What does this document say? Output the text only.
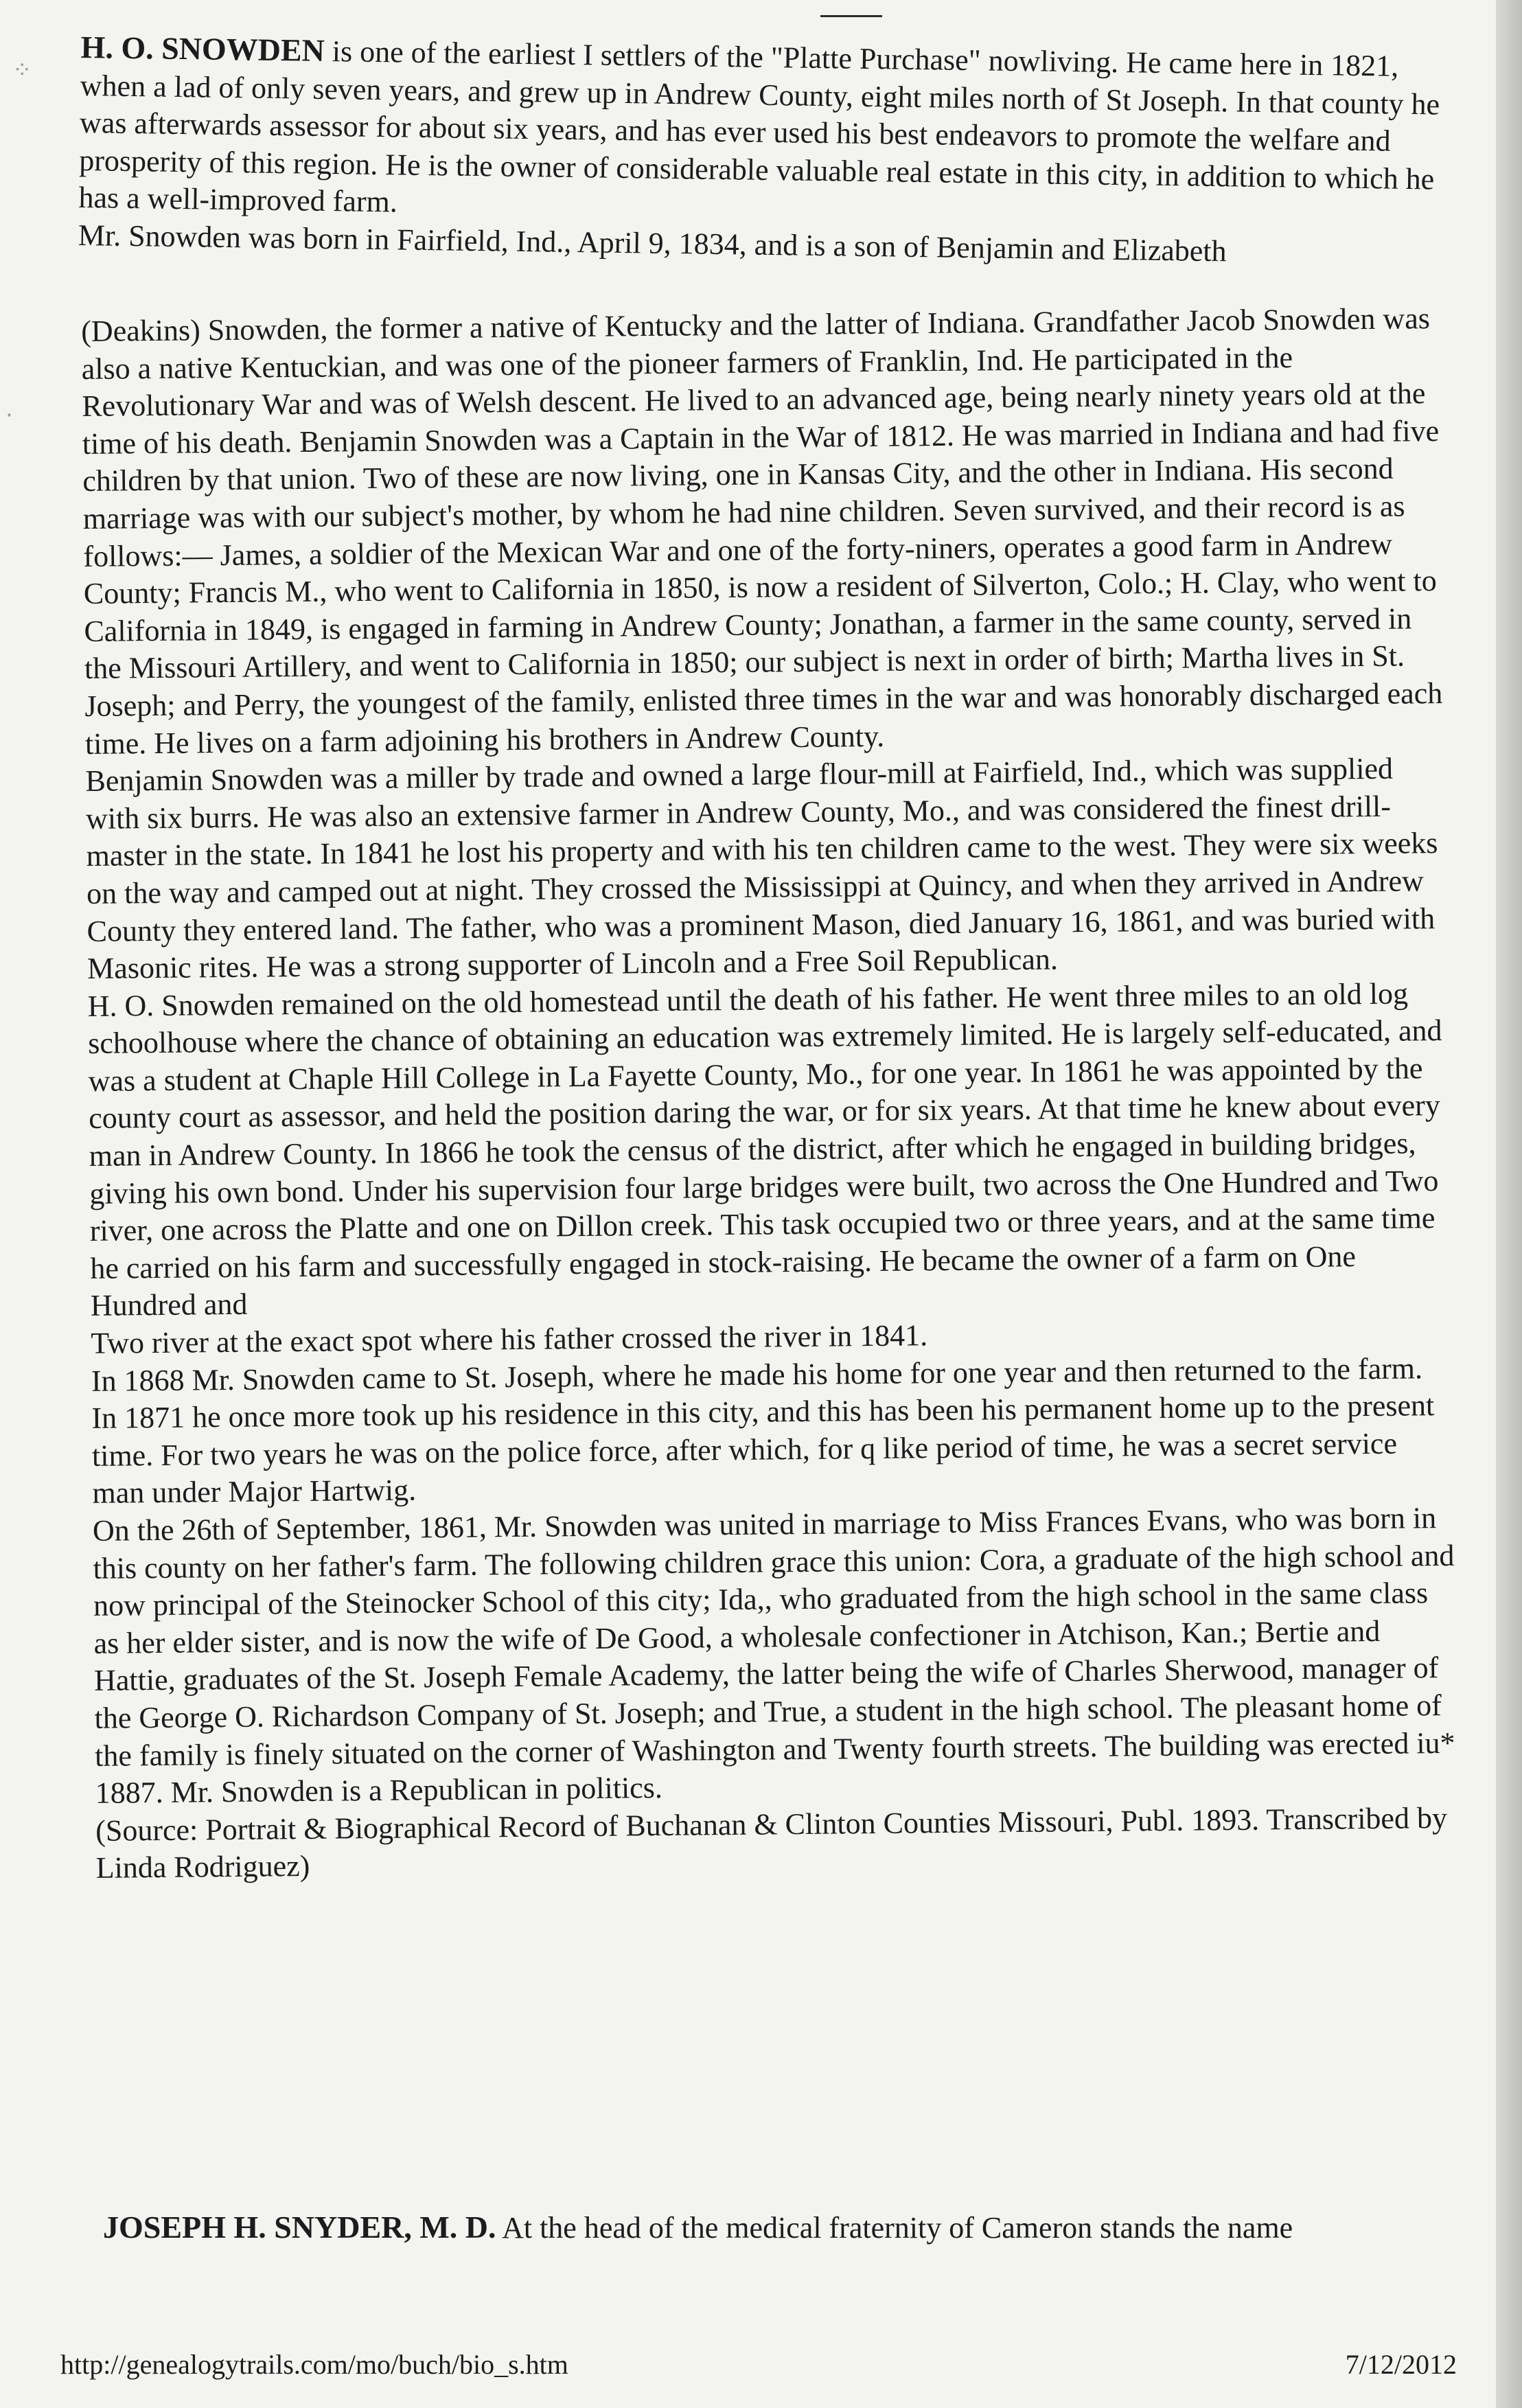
⁘
·

H. O. SNOWDEN is one of the earliest I settlers of the "Platte Purchase" nowliving. He came here in 1821, when a lad of only seven years, and grew up in Andrew County, eight miles north of St Joseph. In that county he was afterwards assessor for about six years, and has ever used his best endeavors to promote the welfare and prosperity of this region. He is the owner of considerable valuable real estate in this city, in addition to which he has a well-improved farm.

Mr. Snowden was born in Fairfield, Ind., April 9, 1834, and is a son of Benjamin and Elizabeth

(Deakins) Snowden, the former a native of Kentucky and the latter of Indiana. Grandfather Jacob Snowden was also a native Kentuckian, and was one of the pioneer farmers of Franklin, Ind. He participated in the Revolutionary War and was of Welsh descent. He lived to an advanced age, being nearly ninety years old at the time of his death. Benjamin Snowden was a Captain in the War of 1812. He was married in Indiana and had five children by that union. Two of these are now living, one in Kansas City, and the other in Indiana. His second marriage was with our subject's mother, by whom he had nine children. Seven survived, and their record is as follows:— James, a soldier of the Mexican War and one of the forty-niners, operates a good farm in Andrew County; Francis M., who went to California in 1850, is now a resident of Silverton, Colo.; H. Clay, who went to California in 1849, is engaged in farming in Andrew County; Jonathan, a farmer in the same county, served in the Missouri Artillery, and went to California in 1850; our subject is next in order of birth; Martha lives in St. Joseph; and Perry, the youngest of the family, enlisted three times in the war and was honorably discharged each time. He lives on a farm adjoining his brothers in Andrew County.

Benjamin Snowden was a miller by trade and owned a large flour-mill at Fairfield, Ind., which was supplied with six burrs. He was also an extensive farmer in Andrew County, Mo., and was considered the finest drill-master in the state. In 1841 he lost his property and with his ten children came to the west. They were six weeks on the way and camped out at night. They crossed the Mississippi at Quincy, and when they arrived in Andrew County they entered land. The father, who was a prominent Mason, died January 16, 1861, and was buried with Masonic rites. He was a strong supporter of Lincoln and a Free Soil Republican.

H. O. Snowden remained on the old homestead until the death of his father. He went three miles to an old log schoolhouse where the chance of obtaining an education was extremely limited. He is largely self-educated, and was a student at Chaple Hill College in La Fayette County, Mo., for one year. In 1861 he was appointed by the county court as assessor, and held the position daring the war, or for six years. At that time he knew about every man in Andrew County. In 1866 he took the census of the district, after which he engaged in building bridges, giving his own bond. Under his supervision four large bridges were built, two across the One Hundred and Two river, one across the Platte and one on Dillon creek. This task occupied two or three years, and at the same time he carried on his farm and successfully engaged in stock-raising. He became the owner of a farm on One Hundred and

Two river at the exact spot where his father crossed the river in 1841.

In 1868 Mr. Snowden came to St. Joseph, where he made his home for one year and then returned to the farm. In 1871 he once more took up his residence in this city, and this has been his permanent home up to the present time. For two years he was on the police force, after which, for q like period of time, he was a secret service man under Major Hartwig.

On the 26th of September, 1861, Mr. Snowden was united in marriage to Miss Frances Evans, who was born in this county on her father's farm. The following children grace this union: Cora, a graduate of the high school and now principal of the Steinocker School of this city; Ida,, who graduated from the high school in the same class as her elder sister, and is now the wife of De Good, a wholesale confectioner in Atchison, Kan.; Bertie and Hattie, graduates of the St. Joseph Female Academy, the latter being the wife of Charles Sherwood, manager of the George O. Richardson Company of St. Joseph; and True, a student in the high school. The pleasant home of the family is finely situated on the corner of Washington and Twenty fourth streets. The building was erected iu* 1887. Mr. Snowden is a Republican in politics.

(Source: Portrait & Biographical Record of Buchanan & Clinton Counties Missouri, Publ. 1893. Transcribed by Linda Rodriguez)

JOSEPH H. SNYDER, M. D. At the head of the medical fraternity of Cameron stands the name
http://genealogytrails.com/mo/buch/bio_s.htm	7/12/2012
